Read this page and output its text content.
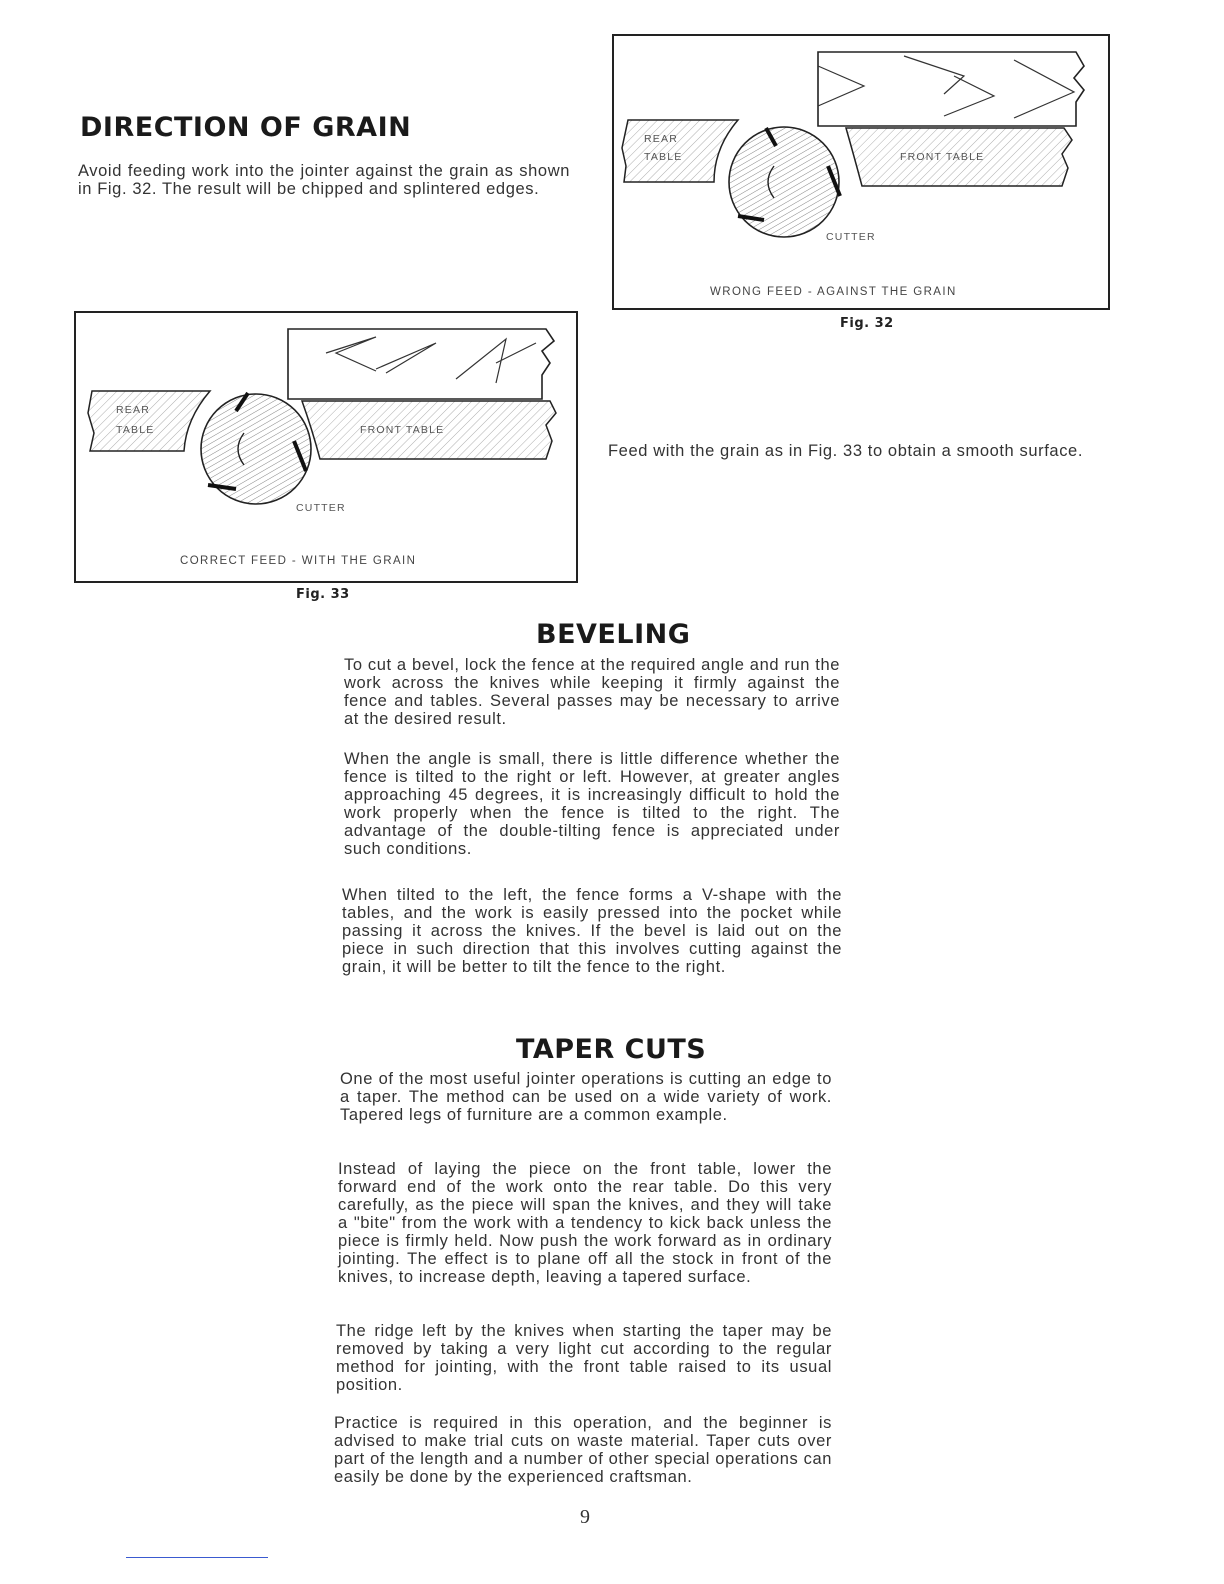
DIRECTION OF GRAIN

Avoid feeding work into the jointer against the grain as shown in Fig. 32. The result will be chipped and splintered edges.

REAR
TABLE	FRONT TABLE
CUTTER
WRONG FEED - AGAINST THE GRAIN
Fig. 32
REAR
TABLE	FRONT TABLE
CUTTER
CORRECT FEED - WITH THE GRAIN
Fig. 33

Feed with the grain as in Fig. 33 to obtain a smooth surface.

BEVELING

To cut a bevel, lock the fence at the required angle and run the work across the knives while keeping it firmly against the fence and tables. Several passes may be necessary to arrive at the desired result.

When the angle is small, there is little difference whether the fence is tilted to the right or left. However, at greater angles approaching 45 degrees, it is increasingly difficult to hold the work properly when the fence is tilted to the right. The advantage of the double-tilting fence is appreciated under such conditions.

When tilted to the left, the fence forms a V-shape with the tables, and the work is easily pressed into the pocket while passing it across the knives. If the bevel is laid out on the piece in such direction that this involves cutting against the grain, it will be better to tilt the fence to the right.

TAPER CUTS

One of the most useful jointer operations is cutting an edge to a taper. The method can be used on a wide variety of work. Tapered legs of furniture are a common example.

Instead of laying the piece on the front table, lower the forward end of the work onto the rear table. Do this very carefully, as the piece will span the knives, and they will take a "bite" from the work with a tendency to kick back unless the piece is firmly held. Now push the work forward as in ordinary jointing. The effect is to plane off all the stock in front of the knives, to increase depth, leaving a tapered surface.

The ridge left by the knives when starting the taper may be removed by taking a very light cut according to the regular method for jointing, with the front table raised to its usual position.

Practice is required in this operation, and the beginner is advised to make trial cuts on waste material. Taper cuts over part of the length and a number of other special operations can easily be done by the experienced craftsman.

9
